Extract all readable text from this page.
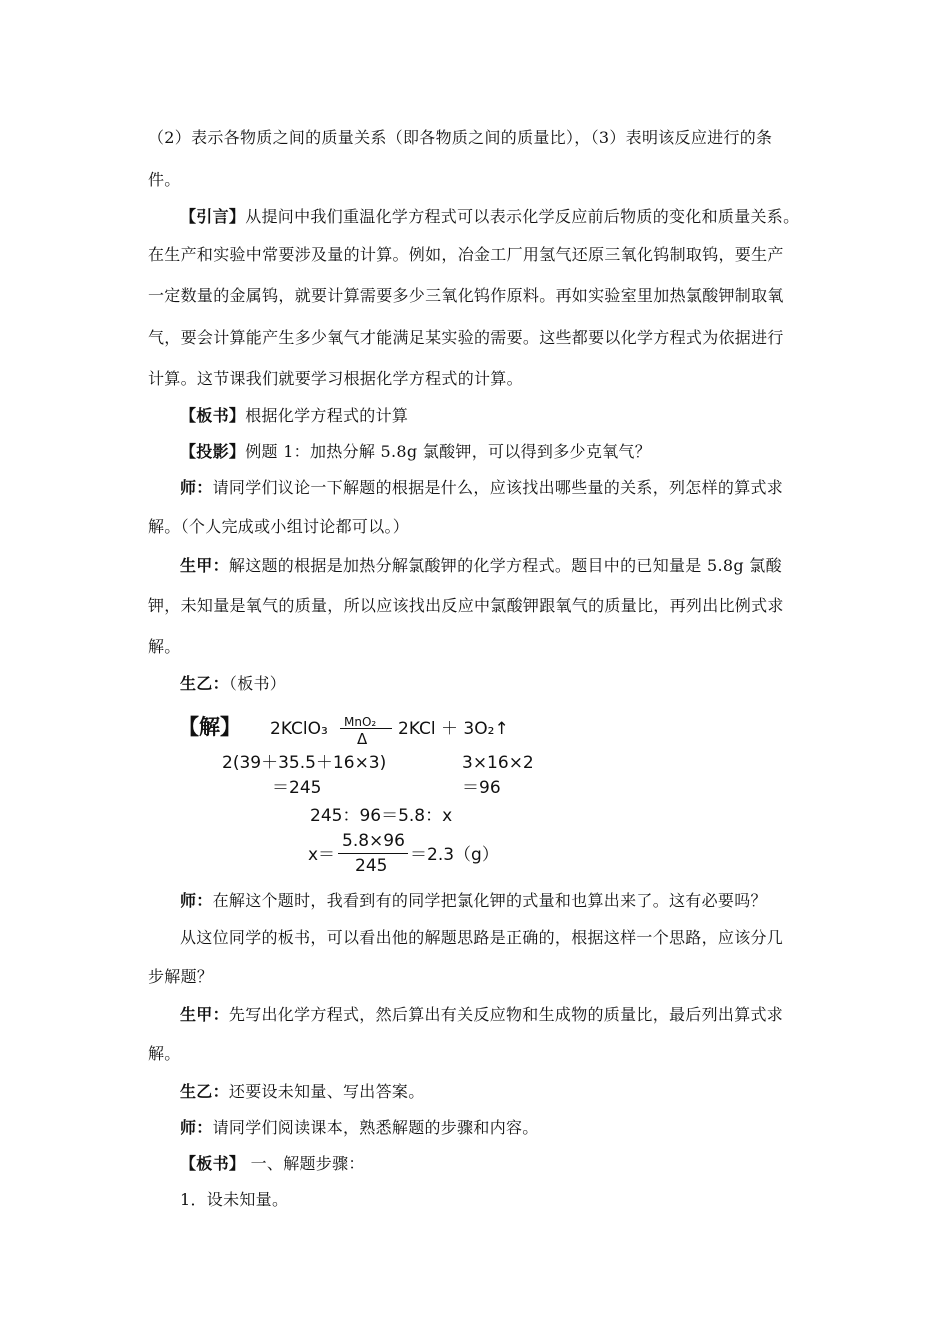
（2）表示各物质之间的质量关系（即各物质之间的质量比），（3）表明该反应进行的条
件。
【引言】从提问中我们重温化学方程式可以表示化学反应前后物质的变化和质量关系。
在生产和实验中常要涉及量的计算。例如，冶金工厂用氢气还原三氧化钨制取钨，要生产
一定数量的金属钨，就要计算需要多少三氧化钨作原料。再如实验室里加热氯酸钾制取氧
气，要会计算能产生多少氧气才能满足某实验的需要。这些都要以化学方程式为依据进行
计算。这节课我们就要学习根据化学方程式的计算。
【板书】根据化学方程式的计算
【投影】例题 1：加热分解 5.8g 氯酸钾，可以得到多少克氧气？
师：请同学们议论一下解题的根据是什么，应该找出哪些量的关系，列怎样的算式求
解。（个人完成或小组讨论都可以。）
生甲：解这题的根据是加热分解氯酸钾的化学方程式。题目中的已知量是 5.8g 氯酸
钾，未知量是氧气的质量，所以应该找出反应中氯酸钾跟氧气的质量比，再列出比例式求
解。
生乙：（板书）
【解】 2KClO₃ MnO₂
Δ 2KCl ＋ 3O₂↑
2(39＋35.5＋16×3)
＝245
3×16×2
＝96
245：96＝5.8：x
x＝
5.8×96
245
＝2.3（g）
师：在解这个题时，我看到有的同学把氯化钾的式量和也算出来了。这有必要吗？
从这位同学的板书，可以看出他的解题思路是正确的，根据这样一个思路，应该分几
步解题？
生甲：先写出化学方程式，然后算出有关反应物和生成物的质量比，最后列出算式求
解。
生乙：还要设未知量、写出答案。
师：请同学们阅读课本，熟悉解题的步骤和内容。
【板书】 一、解题步骤：
1．设未知量。
